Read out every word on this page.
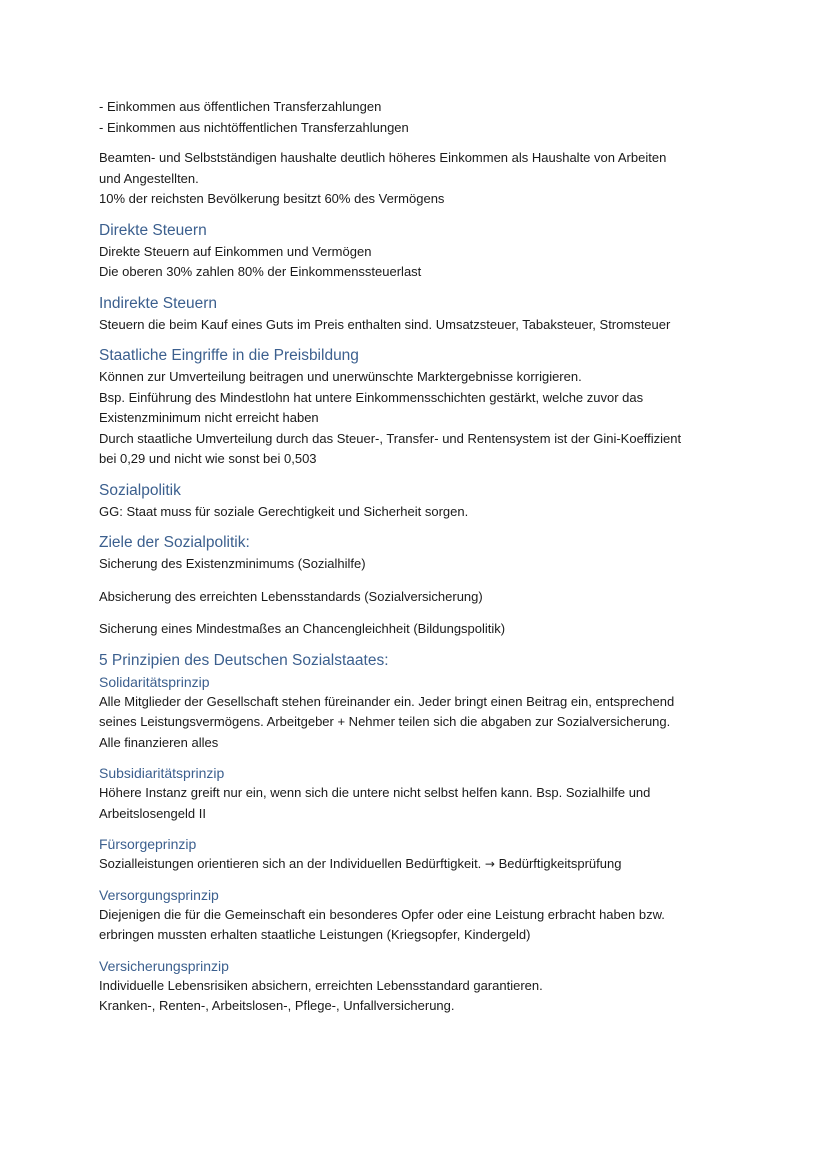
- Einkommen aus öffentlichen Transferzahlungen
- Einkommen aus nichtöffentlichen Transferzahlungen
Beamten- und Selbstständigen haushalte deutlich höheres Einkommen als Haushalte von Arbeiten
und Angestellten.
10% der reichsten Bevölkerung besitzt 60% des Vermögens
Direkte Steuern
Direkte Steuern auf Einkommen und Vermögen
Die oberen 30% zahlen 80% der Einkommenssteuerlast
Indirekte Steuern
Steuern die beim Kauf eines Guts im Preis enthalten sind. Umsatzsteuer, Tabaksteuer, Stromsteuer
Staatliche Eingriffe in die Preisbildung
Können zur Umverteilung beitragen und unerwünschte Marktergebnisse korrigieren.
Bsp. Einführung des Mindestlohn hat untere Einkommensschichten gestärkt, welche zuvor das
Existenzminimum nicht erreicht haben
Durch staatliche Umverteilung durch das Steuer-, Transfer- und Rentensystem ist der Gini-Koeffizient
bei 0,29 und nicht wie sonst bei 0,503
Sozialpolitik
GG: Staat muss für soziale Gerechtigkeit und Sicherheit sorgen.
Ziele der Sozialpolitik:
Sicherung des Existenzminimums (Sozialhilfe)
Absicherung des erreichten Lebensstandards (Sozialversicherung)
Sicherung eines Mindestmaßes an Chancengleichheit (Bildungspolitik)
5 Prinzipien des Deutschen Sozialstaates:
Solidaritätsprinzip
Alle Mitglieder der Gesellschaft stehen füreinander ein. Jeder bringt einen Beitrag ein, entsprechend
seines Leistungsvermögens. Arbeitgeber + Nehmer teilen sich die abgaben zur Sozialversicherung.
Alle finanzieren alles
Subsidiaritätsprinzip
Höhere Instanz greift nur ein, wenn sich die untere nicht selbst helfen kann. Bsp. Sozialhilfe und
Arbeitslosengeld II
Fürsorgeprinzip
Sozialleistungen orientieren sich an der Individuellen Bedürftigkeit. → Bedürftigkeitsprüfung
Versorgungsprinzip
Diejenigen die für die Gemeinschaft ein besonderes Opfer oder eine Leistung erbracht haben bzw.
erbringen mussten erhalten staatliche Leistungen (Kriegsopfer, Kindergeld)
Versicherungsprinzip
Individuelle Lebensrisiken absichern, erreichten Lebensstandard garantieren.
Kranken-, Renten-, Arbeitslosen-, Pflege-, Unfallversicherung.
